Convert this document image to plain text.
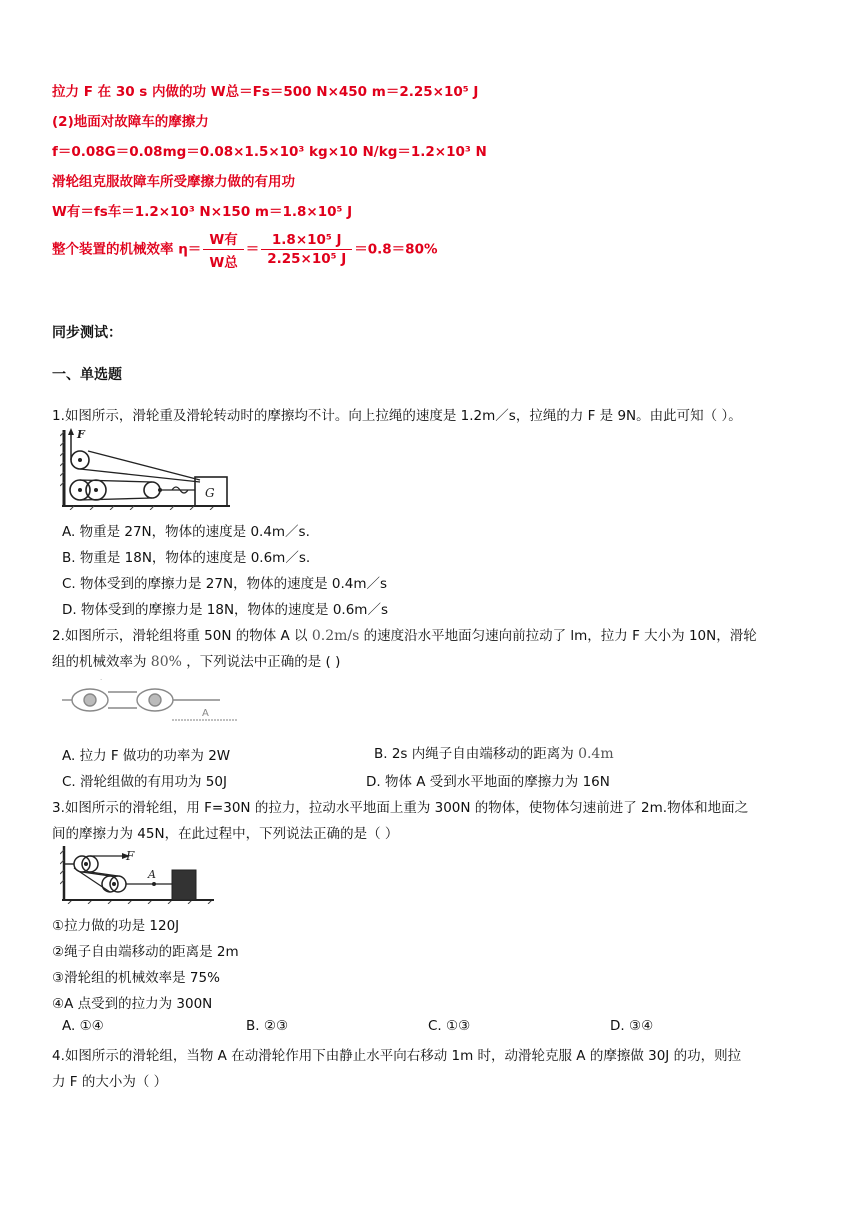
拉力 F 在 30 s 内做的功 W总＝Fs＝500 N×450 m＝2.25×10⁵ J
(2)地面对故障车的摩擦力
f＝0.08G＝0.08mg＝0.08×1.5×10³ kg×10 N/kg＝1.2×10³ N
滑轮组克服故障车所受摩擦力做的有用功
W有＝fs车＝1.2×10³ N×150 m＝1.8×10⁵ J
整个装置的机械效率 $\eta= \frac{\text{W有}}{\text{W总}} = \frac{\text{1.8×10⁵ J}}{\text{2.25×10⁵ J}} =0.8=80\%$
同步测试：
一、单选题
1.如图所示，滑轮重及滑轮转动时的摩擦均不计。向上拉绳的速度是 1.2m／s，拉绳的力 F 是 9N。由此可知（ ）。
F
G
A. 物重是 27N，物体的速度是 0.4m／s.
B. 物重是 18N，物体的速度是 0.6m／s.
C. 物体受到的摩擦力是 27N，物体的速度是 0.4m／s
D. 物体受到的摩擦力是 18N，物体的速度是 0.6m／s
2.如图所示，滑轮组将重 50N 的物体 A 以 0.2m/s 的速度沿水平地面匀速向前拉动了 lm，拉力 F 大小为 10N，滑轮
组的机械效率为 80% ，下列说法中正确的是 ( )
A
·
A. 拉力 F 做功的功率为 2W	B. 2s 内绳子自由端移动的距离为 0.4m
C. 滑轮组做的有用功为 50J	D. 物体 A 受到水平地面的摩擦力为 16N
3.如图所示的滑轮组，用 F=30N 的拉力，拉动水平地面上重为 300N 的物体，使物体匀速前进了 2m.物体和地面之
间的摩擦力为 45N，在此过程中，下列说法正确的是（ ）
F
A
①拉力做的功是 120J
②绳子自由端移动的距离是 2m
③滑轮组的机械效率是 75%
④A 点受到的拉力为 300N
A. ①④	B. ②③	C. ①③	D. ③④
4.如图所示的滑轮组，当物 A 在动滑轮作用下由静止水平向右移动 1m 时，动滑轮克服 A 的摩擦做 30J 的功，则拉
力 F 的大小为（ ）
